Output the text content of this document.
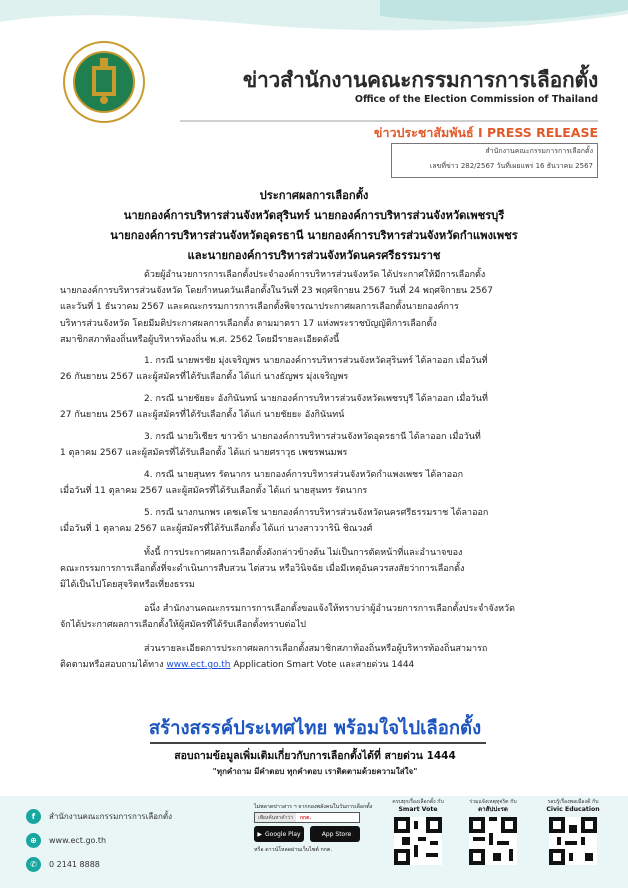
ข่าวสำนักงานคณะกรรมการการเลือกตั้ง
Office of the Election Commission of Thailand
ข่าวประชาสัมพันธ์ I PRESS RELEASE
สำนักงานคณะกรรมการการเลือกตั้ง
เลขที่ข่าว 282/2567 วันที่เผยแพร่ 16 ธันวาคม 2567
ประกาศผลการเลือกตั้ง
นายกองค์การบริหารส่วนจังหวัดสุรินทร์ นายกองค์การบริหารส่วนจังหวัดเพชรบุรี
นายกองค์การบริหารส่วนจังหวัดอุดรธานี นายกองค์การบริหารส่วนจังหวัดกำแพงเพชร
และนายกองค์การบริหารส่วนจังหวัดนครศรีธรรมราช
ด้วยผู้อำนวยการการเลือกตั้งประจำองค์การบริหารส่วนจังหวัด ได้ประกาศให้มีการเลือกตั้ง
นายกองค์การบริหารส่วนจังหวัด โดยกำหนดวันเลือกตั้งในวันที่ 23 พฤศจิกายน 2567 วันที่ 24 พฤศจิกายน 2567
และวันที่ 1 ธันวาคม 2567 และคณะกรรมการการเลือกตั้งพิจารณาประกาศผลการเลือกตั้งนายกองค์การ
บริหารส่วนจังหวัด โดยมีมติประกาศผลการเลือกตั้ง ตามมาตรา 17 แห่งพระราชบัญญัติการเลือกตั้ง
สมาชิกสภาท้องถิ่นหรือผู้บริหารท้องถิ่น พ.ศ. 2562 โดยมีรายละเอียดดังนี้
1. กรณี นายพรชัย มุ่งเจริญพร นายกองค์การบริหารส่วนจังหวัดสุรินทร์ ได้ลาออก เมื่อวันที่
26 กันยายน 2567 และผู้สมัครที่ได้รับเลือกตั้ง ได้แก่ นางธัญพร มุ่งเจริญพร
2. กรณี นายชัยยะ อังกินันทน์ นายกองค์การบริหารส่วนจังหวัดเพชรบุรี ได้ลาออก เมื่อวันที่
27 กันยายน 2567 และผู้สมัครที่ได้รับเลือกตั้ง ได้แก่ นายชัยยะ อังกินันทน์
3. กรณี นายวิเชียร ขาวข้า นายกองค์การบริหารส่วนจังหวัดอุดรธานี ได้ลาออก เมื่อวันที่
1 ตุลาคม 2567 และผู้สมัครที่ได้รับเลือกตั้ง ได้แก่ นายศราวุธ เพชรพนมพร
4. กรณี นายสุนทร รัตนากร นายกองค์การบริหารส่วนจังหวัดกำแพงเพชร ได้ลาออก
เมื่อวันที่ 11 ตุลาคม 2567 และผู้สมัครที่ได้รับเลือกตั้ง ได้แก่ นายสุนทร รัตนากร
5. กรณี นางกนกพร เดชเดโช นายกองค์การบริหารส่วนจังหวัดนครศรีธรรมราช ได้ลาออก
เมื่อวันที่ 1 ตุลาคม 2567 และผู้สมัครที่ได้รับเลือกตั้ง ได้แก่ นางสาววารินิ ชิณวงศ์
ทั้งนี้ การประกาศผลการเลือกตั้งดังกล่าวข้างต้น ไม่เป็นการตัดหน้าที่และอำนาจของ
คณะกรรมการการเลือกตั้งที่จะดำเนินการสืบสวน ไต่สวน หรือวินิจฉัย เมื่อมีเหตุอันควรสงสัยว่าการเลือกตั้ง
มิได้เป็นไปโดยสุจริตหรือเที่ยงธรรม
อนึ่ง สำนักงานคณะกรรมการการเลือกตั้งขอแจ้งให้ทราบว่าผู้อำนวยการการเลือกตั้งประจำจังหวัด
จักได้ประกาศผลการเลือกตั้งให้ผู้สมัครที่ได้รับเลือกตั้งทราบต่อไป
ส่วนรายละเอียดการประกาศผลการเลือกตั้งสมาชิกสภาท้องถิ่นหรือผู้บริหารท้องถิ่นสามารถ
ติดตามหรือสอบถามได้ทาง www.ect.go.th Application Smart Vote และสายด่วน 1444
สร้างสรรค์ประเทศไทย พร้อมใจไปเลือกตั้ง
สอบถามข้อมูลเพิ่มเติมเกี่ยวกับการเลือกตั้งได้ที่ สายด่วน 1444
"ทุกคำถาม มีคำตอบ ทุกคำตอบ เราติดตามด้วยความใส่ใจ"
f	สำนักงานคณะกรรมการการเลือกตั้ง
⊕	www.ect.go.th
✆	0 2141 8888
ไม่พลาดข่าวสาร ฯ จากกองพลังคนในวันการเลือกตั้ง
เพียงค้นหาคำว่า	กกต.
▶ Google Play	App Store
หรือ ดาวน์โหลดผ่านเว็บไซต์ กกต.
ครบทุกเรื่องเลือกตั้ง กับ
Smart Vote
ร่วมแจ้งเหตุทุจริต กับ
ตาสัปปะรด
รอบรู้เรื่องพลเมืองดี กับ
Civic Education
